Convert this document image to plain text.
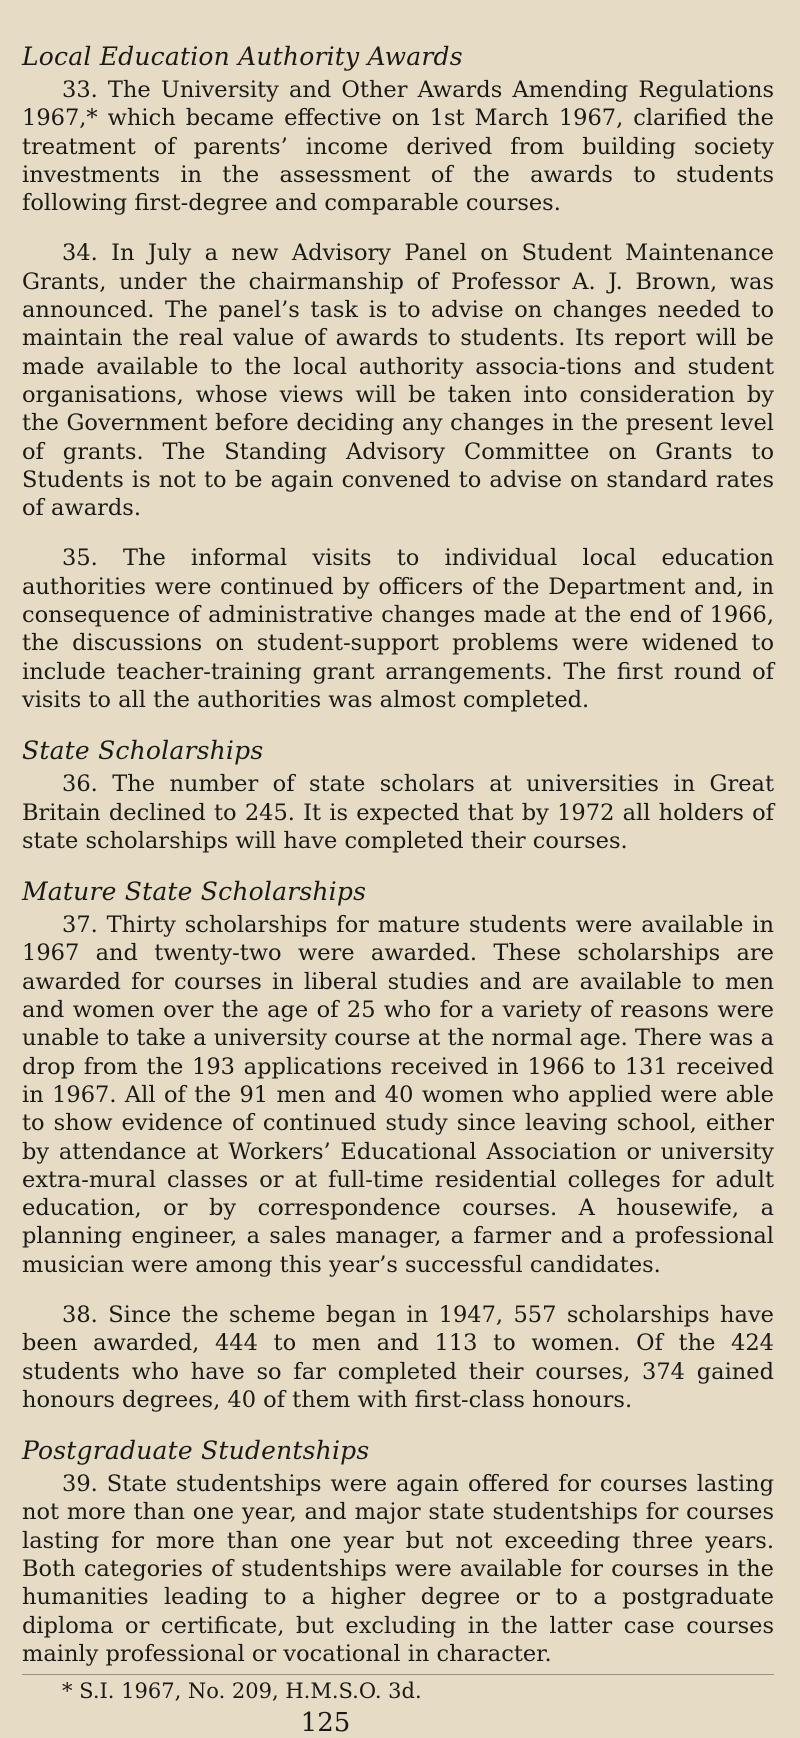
Local Education Authority Awards

33. The University and Other Awards Amending Regulations 1967,* which became effective on 1st March 1967, clarified the treatment of parents’ income derived from building society investments in the assessment of the awards to students following first-degree and comparable courses.

34. In July a new Advisory Panel on Student Maintenance Grants, under the chairmanship of Professor A. J. Brown, was announced. The panel’s task is to advise on changes needed to maintain the real value of awards to students. Its report will be made available to the local authority associa-tions and student organisations, whose views will be taken into consideration by the Government before deciding any changes in the present level of grants. The Standing Advisory Committee on Grants to Students is not to be again convened to advise on standard rates of awards.

35. The informal visits to individual local education authorities were continued by officers of the Department and, in consequence of administrative changes made at the end of 1966, the discussions on student-support problems were widened to include teacher-training grant arrangements. The first round of visits to all the authorities was almost completed.

State Scholarships

36. The number of state scholars at universities in Great Britain declined to 245. It is expected that by 1972 all holders of state scholarships will have completed their courses.

Mature State Scholarships

37. Thirty scholarships for mature students were available in 1967 and twenty-two were awarded. These scholarships are awarded for courses in liberal studies and are available to men and women over the age of 25 who for a variety of reasons were unable to take a university course at the normal age. There was a drop from the 193 applications received in 1966 to 131 received in 1967. All of the 91 men and 40 women who applied were able to show evidence of continued study since leaving school, either by attendance at Workers’ Educational Association or university extra-mural classes or at full-time residential colleges for adult education, or by correspondence courses. A housewife, a planning engineer, a sales manager, a farmer and a professional musician were among this year’s successful candidates.

38. Since the scheme began in 1947, 557 scholarships have been awarded, 444 to men and 113 to women. Of the 424 students who have so far completed their courses, 374 gained honours degrees, 40 of them with first-class honours.

Postgraduate Studentships

39. State studentships were again offered for courses lasting not more than one year, and major state studentships for courses lasting for more than one year but not exceeding three years. Both categories of studentships were available for courses in the humanities leading to a higher degree or to a postgraduate diploma or certificate, but excluding in the latter case courses mainly professional or vocational in character.

* S.I. 1967, No. 209, H.M.S.O. 3d.

125
